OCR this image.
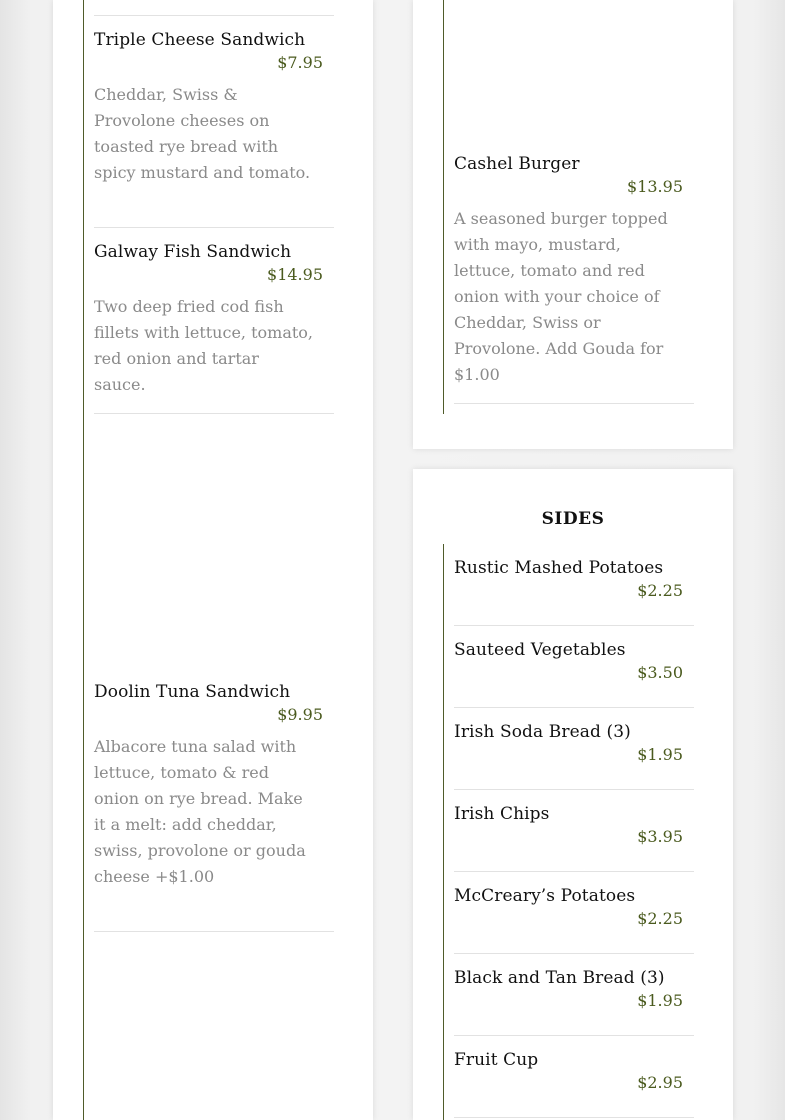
Triple Cheese Sandwich
$7.95
Cheddar, Swiss & Provolone cheeses on toasted rye bread with spicy mustard and tomato.
Galway Fish Sandwich
$14.95
Two deep fried cod fish fillets with lettuce, tomato, red onion and tartar sauce.
Doolin Tuna Sandwich
$9.95
Albacore tuna salad with lettuce, tomato & red onion on rye bread. Make it a melt: add cheddar, swiss, provolone or gouda cheese +$1.00
Cashel Burger
$13.95
A seasoned burger topped with mayo, mustard, lettuce, tomato and red onion with your choice of Cheddar, Swiss or Provolone. Add Gouda for $1.00
SIDES
Rustic Mashed Potatoes
$2.25
Sauteed Vegetables
$3.50
Irish Soda Bread (3)
$1.95
Irish Chips
$3.95
McCreary’s Potatoes
$2.25
Black and Tan Bread (3)
$1.95
Fruit Cup
$2.95
